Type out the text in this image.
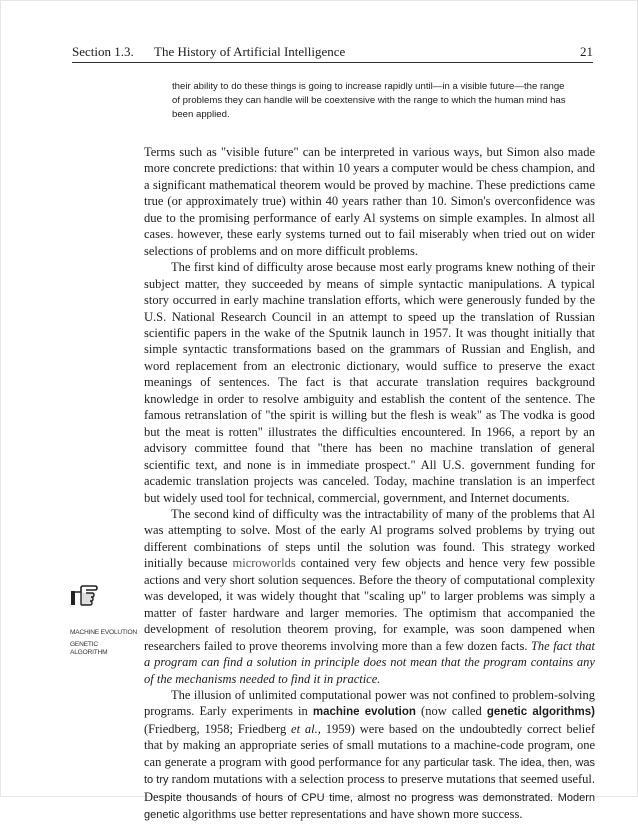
Section 1.3. The History of Artificial Intelligence	21

their ability to do these things is going to increase rapidly until—in a visible future—the range of problems they can handle will be coextensive with the range to which the human mind has been applied.

Terms such as "visible future" can be interpreted in various ways, but Simon also made more concrete predictions: that within 10 years a computer would be chess champion, and a significant mathematical theorem would be proved by machine. These predictions came true (or approximately true) within 40 years rather than 10. Simon's overconfidence was due to the promising performance of early Al systems on simple examples. In almost all cases. however, these early systems turned out to fail miserably when tried out on wider selections of problems and on more difficult problems.

The first kind of difficulty arose because most early programs knew nothing of their subject matter, they succeeded by means of simple syntactic manipulations. A typical story occurred in early machine translation efforts, which were generously funded by the U.S. National Research Council in an attempt to speed up the translation of Russian scientific papers in the wake of the Sputnik launch in 1957. It was thought initially that simple syntactic transformations based on the grammars of Russian and English, and word replacement from an electronic dictionary, would suffice to preserve the exact meanings of sentences. The fact is that accurate translation requires background knowledge in order to resolve ambiguity and establish the content of the sentence. The famous retranslation of "the spirit is willing but the flesh is weak" as The vodka is good but the meat is rotten" illustrates the difficulties encountered. In 1966, a report by an advisory committee found that "there has been no machine translation of general scientific text, and none is in immediate prospect." All U.S. government funding for academic translation projects was canceled. Today, machine translation is an imperfect but widely used tool for technical, commercial, government, and Internet documents.

The second kind of difficulty was the intractability of many of the problems that Al was attempting to solve. Most of the early Al programs solved problems by trying out different combinations of steps until the solution was found. This strategy worked initially because microworlds contained very few objects and hence very few possible actions and very short solution sequences. Before the theory of computational complexity was developed, it was widely thought that "scaling up" to larger problems was simply a matter of faster hardware and larger memories. The optimism that accompanied the development of resolution theorem proving, for example, was soon dampened when researchers failed to prove theorems involving more than a few dozen facts. The fact that a program can find a solution in principle does not mean that the program contains any of the mechanisms needed to find it in practice.

The illusion of unlimited computational power was not confined to problem-solving programs. Early experiments in machine evolution (now called genetic algorithms) (Friedberg, 1958; Friedberg et al., 1959) were based on the undoubtedly correct belief that by making an appropriate series of small mutations to a machine-code program, one can generate a program with good performance for any particular task. The idea, then, was to try random mutations with a selection process to preserve mutations that seemed useful. Despite thousands of hours of CPU time, almost no progress was demonstrated. Modern genetic algorithms use better representations and have shown more success.

MACHINE EVOLUTION
GENETIC
ALGORITHM
